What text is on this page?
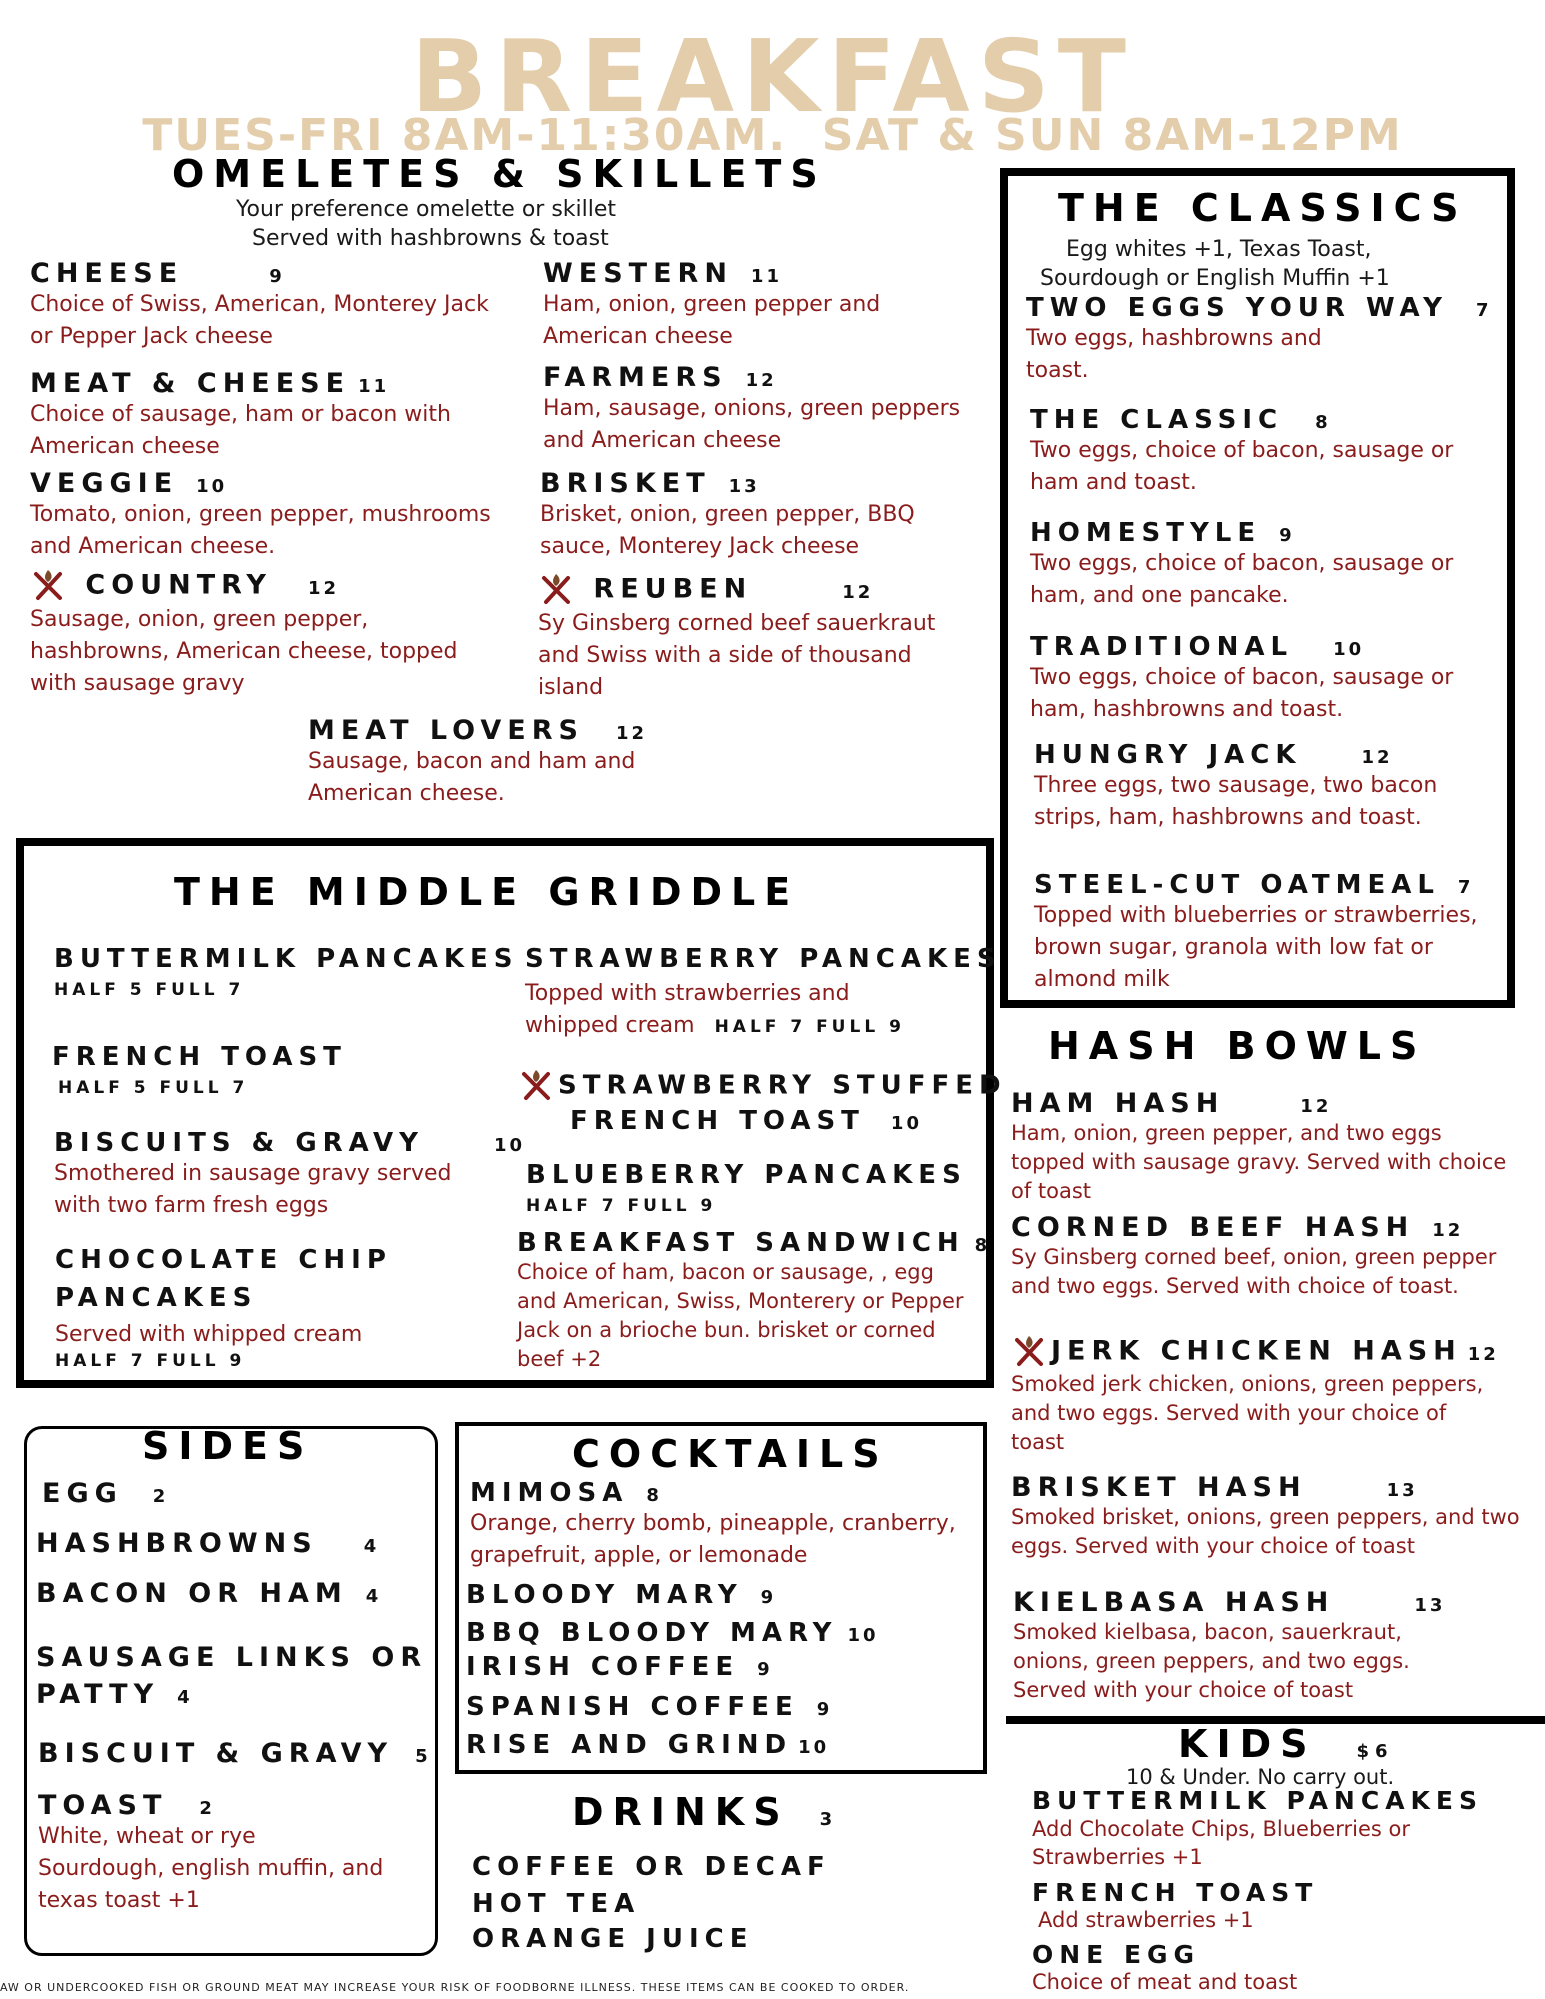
BREAKFAST
TUES-FRI 8AM-11:30AM.  SAT & SUN 8AM-12PM
OMELETES & SKILLETS
Your preference omelette or skillet
Served with hashbrowns & toast
CHEESE	9
Choice of Swiss, American, Monterey Jack or Pepper Jack cheese
MEAT & CHEESE 11
Choice of sausage, ham or bacon with American cheese
VEGGIE 10
Tomato, onion, green pepper, mushrooms and American cheese.
COUNTRY 12
Sausage, onion, green pepper, hashbrowns, American cheese, topped with sausage gravy
WESTERN 11
Ham, onion, green pepper and American cheese
FARMERS 12
Ham, sausage, onions, green peppers and American cheese
BRISKET 13
Brisket, onion, green pepper, BBQ sauce, Monterey Jack cheese
REUBEN	12
Sy Ginsberg corned beef sauerkraut and Swiss with a side of thousand island
MEAT LOVERS 12
Sausage, bacon and ham and American cheese.
THE CLASSICS
Egg whites +1, Texas Toast,
Sourdough or English Muffin +1
TWO EGGS YOUR WAY 7
Two eggs, hashbrowns and toast.
THE CLASSIC 8
Two eggs, choice of bacon, sausage or ham and toast.
HOMESTYLE 9
Two eggs, choice of bacon, sausage or ham, and one pancake.
TRADITIONAL 10
Two eggs, choice of bacon, sausage or ham, hashbrowns and toast.
HUNGRY JACK	12
Three eggs, two sausage, two bacon strips, ham, hashbrowns and toast.
STEEL-CUT OATMEAL 7
Topped with blueberries or strawberries, brown sugar, granola with low fat or almond milk
THE MIDDLE GRIDDLE
BUTTERMILK PANCAKES
HALF 5 FULL 7
FRENCH TOAST
HALF 5 FULL 7
BISCUITS & GRAVY	10
Smothered in sausage gravy served with two farm fresh eggs
CHOCOLATE CHIP
PANCAKES
Served with whipped cream
HALF 7 FULL 9
STRAWBERRY PANCAKES
Topped with strawberries and
whipped cream HALF 7 FULL 9
STRAWBERRY STUFFED
FRENCH TOAST 10
BLUEBERRY PANCAKES
HALF 7 FULL 9
BREAKFAST SANDWICH 8
Choice of ham, bacon or sausage, , egg and American, Swiss, Monterery or Pepper Jack on a brioche bun. brisket or corned beef +2
HASH BOWLS
HAM HASH	12
Ham, onion, green pepper, and two eggs topped with sausage gravy. Served with choice of toast
CORNED BEEF HASH 12
Sy Ginsberg corned beef, onion, green pepper and two eggs. Served with choice of toast.
JERK CHICKEN HASH 12
Smoked jerk chicken, onions, green peppers, and two eggs. Served with your choice of toast
BRISKET HASH	13
Smoked brisket, onions, green peppers, and two eggs. Served with your choice of toast
KIELBASA HASH	13
Smoked kielbasa, bacon, sauerkraut, onions, green peppers, and two eggs. Served with your choice of toast
SIDES
EGG 2
HASHBROWNS	4
BACON OR HAM 4
SAUSAGE LINKS OR
PATTY 4
BISCUIT & GRAVY 5
TOAST 2
White, wheat or rye
Sourdough, english muffin, and texas toast +1
COCKTAILS
MIMOSA 8
Orange, cherry bomb, pineapple, cranberry, grapefruit, apple, or lemonade
BLOODY MARY 9
BBQ BLOODY MARY 10
IRISH COFFEE 9
SPANISH COFFEE 9
RISE AND GRIND 10
DRINKS 3
COFFEE OR DECAF
HOT TEA
ORANGE JUICE
KIDS $6
10 & Under. No carry out.
BUTTERMILK PANCAKES
Add Chocolate Chips, Blueberries or Strawberries +1
FRENCH TOAST
Add strawberries +1
ONE EGG
Choice of meat and toast
AW OR UNDERCOOKED FISH OR GROUND MEAT MAY INCREASE YOUR RISK OF FOODBORNE ILLNESS. THESE ITEMS CAN BE COOKED TO ORDER.
